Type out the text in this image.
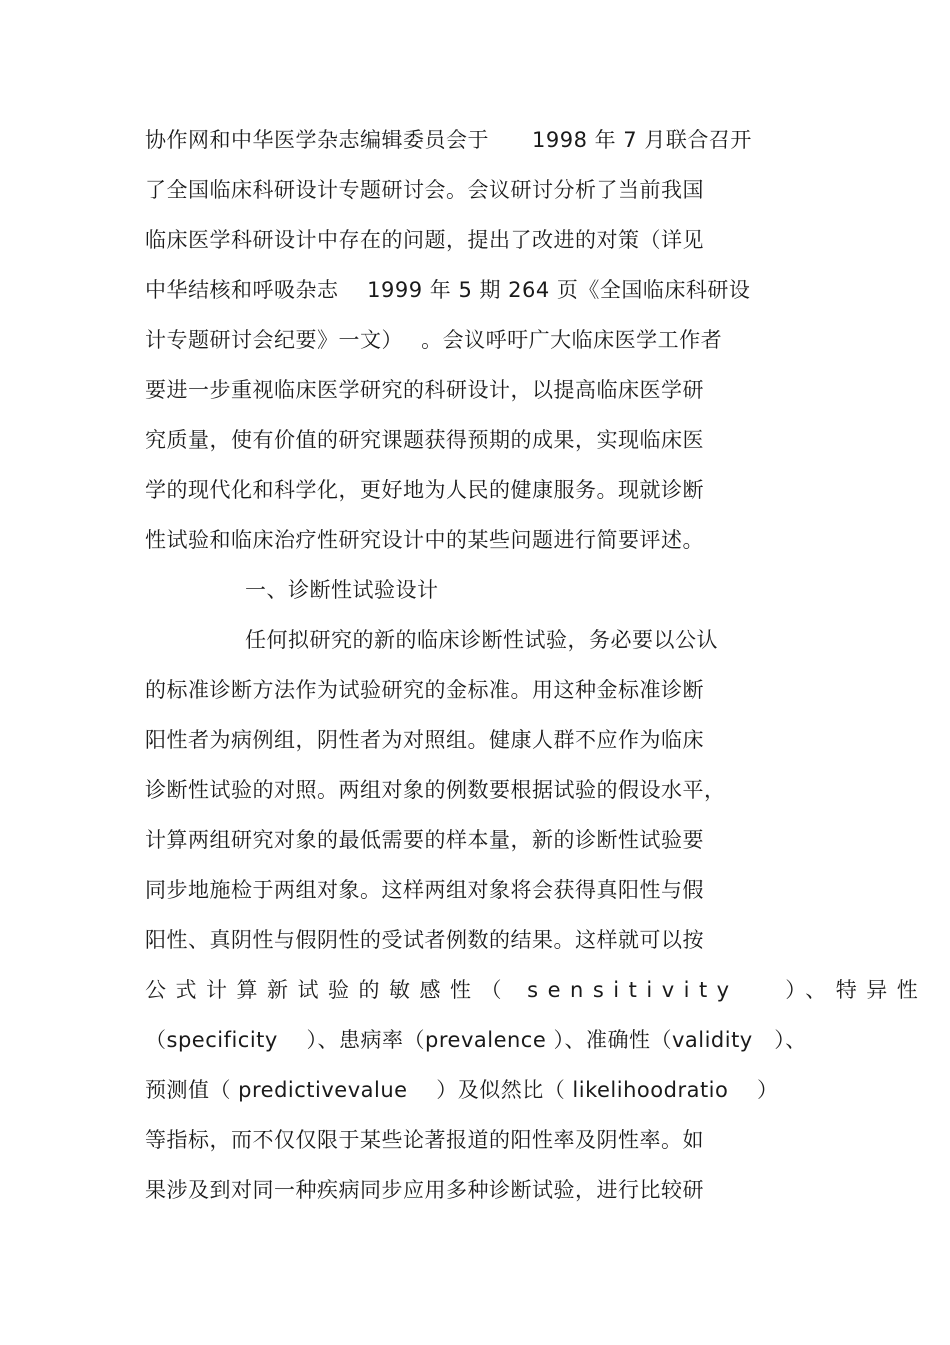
协作网和中华医学杂志编辑委员会于　　1998 年 7 月联合召开
了全国临床科研设计专题研讨会。会议研讨分析了当前我国
临床医学科研设计中存在的问题，提出了改进的对策（详见
中华结核和呼吸杂志　 1999 年 5 期 264 页《全国临床科研设
计专题研讨会纪要》一文）　 。会议呼吁广大临床医学工作者
要进一步重视临床医学研究的科研设计，以提高临床医学研
究质量，使有价值的研究课题获得预期的成果，实现临床医
学的现代化和科学化，更好地为人民的健康服务。现就诊断
性试验和临床治疗性研究设计中的某些问题进行简要评述。
一、诊断性试验设计
任何拟研究的新的临床诊断性试验，务必要以公认
的标准诊断方法作为试验研究的金标准。用这种金标准诊断
阳性者为病例组，阴性者为对照组。健康人群不应作为临床
诊断性试验的对照。两组对象的例数要根据试验的假设水平，
计算两组研究对象的最低需要的样本量，新的诊断性试验要
同步地施检于两组对象。这样两组对象将会获得真阳性与假
阳性、真阴性与假阴性的受试者例数的结果。这样就可以按
公式计算新试验的敏感性（ sensitivity　 ）、特异性
（specificity　 ）、患病率（prevalence ）、准确性（validity　）、
预测值（ predictivevalue　 ）及似然比（ likelihoodratio　 ）
等指标，而不仅仅限于某些论著报道的阳性率及阴性率。如
果涉及到对同一种疾病同步应用多种诊断试验，进行比较研
